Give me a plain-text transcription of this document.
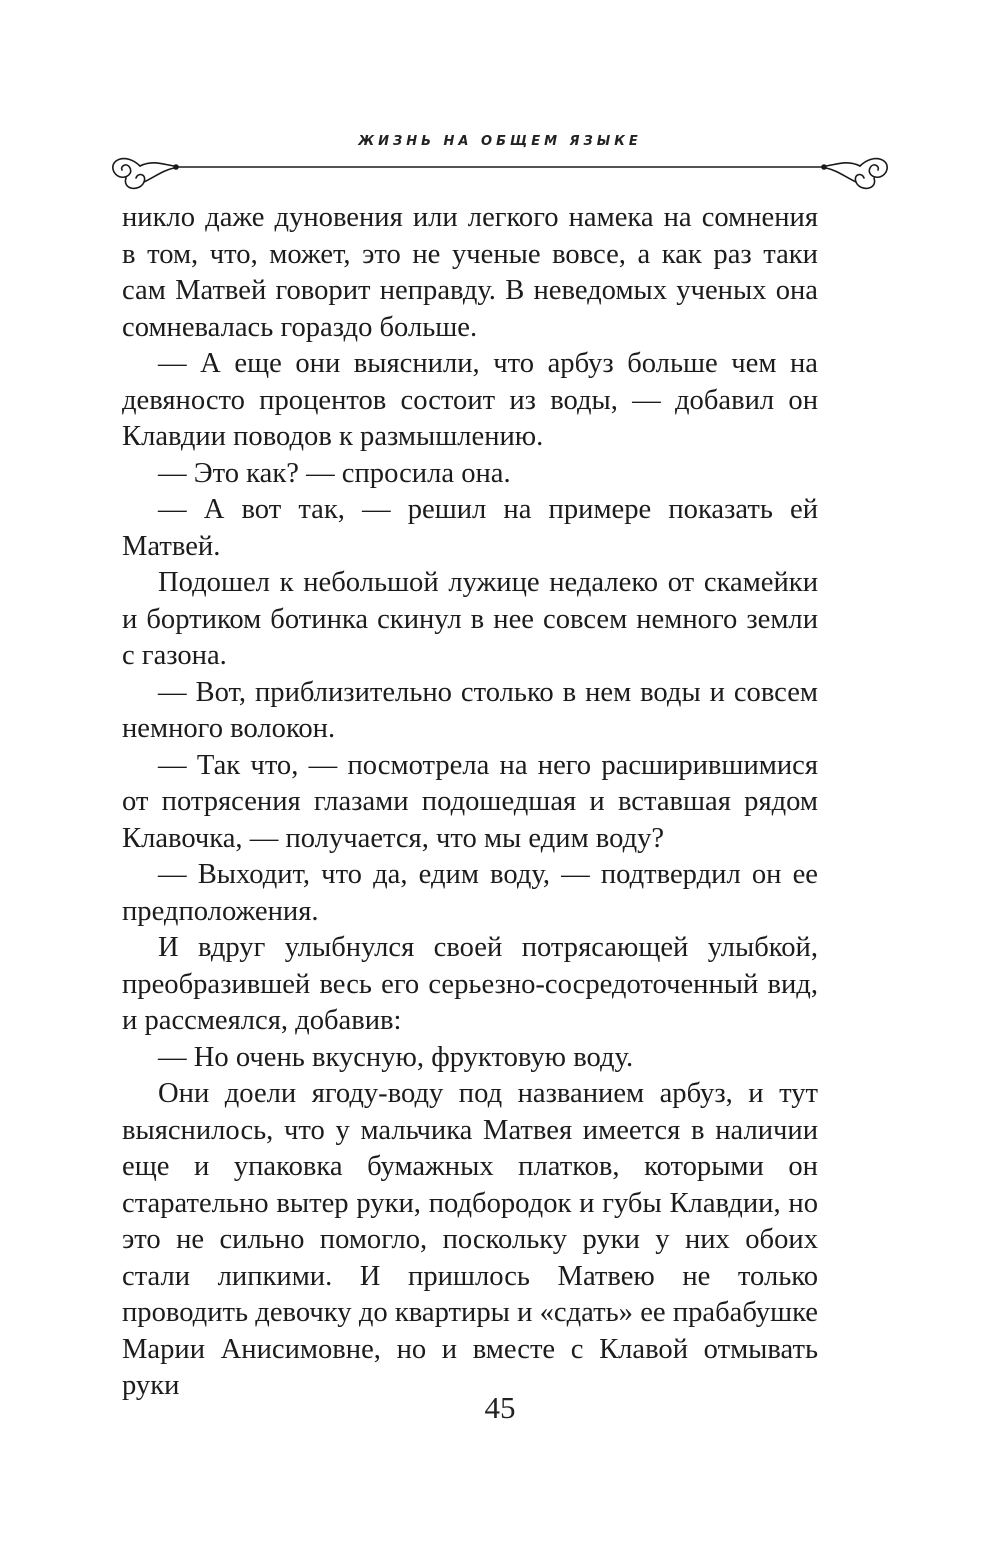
ЖИЗНЬ НА ОБЩЕМ ЯЗЫКЕ

никло даже дуновения или легкого намека на сомнения в том, что, может, это не ученые вовсе, а как раз таки сам Матвей говорит неправду. В неведомых ученых она сомневалась гораздо больше.

— А еще они выяснили, что арбуз больше чем на девяносто процентов состоит из воды, — добавил он Клавдии поводов к размышлению.

— Это как? — спросила она.

— А вот так, — решил на примере показать ей Матвей.

Подошел к небольшой лужице недалеко от скамейки и бортиком ботинка скинул в нее совсем немного земли с газона.

— Вот, приблизительно столько в нем воды и совсем немного волокон.

— Так что, — посмотрела на него расширившимися от потрясения глазами подошедшая и вставшая рядом Клавочка, — получается, что мы едим воду?

— Выходит, что да, едим воду, — подтвердил он ее предположения.

И вдруг улыбнулся своей потрясающей улыбкой, преобразившей весь его серьезно-сосредоточенный вид, и рассмеялся, добавив:

— Но очень вкусную, фруктовую воду.

Они доели ягоду-воду под названием арбуз, и тут выяснилось, что у мальчика Матвея имеется в наличии еще и упаковка бумажных платков, которыми он старательно вытер руки, подбородок и губы Клавдии, но это не сильно помогло, поскольку руки у них обоих стали липкими. И пришлось Матвею не только проводить девочку до квартиры и «сдать» ее прабабушке Марии Анисимовне, но и вместе с Клавой отмывать руки

45
